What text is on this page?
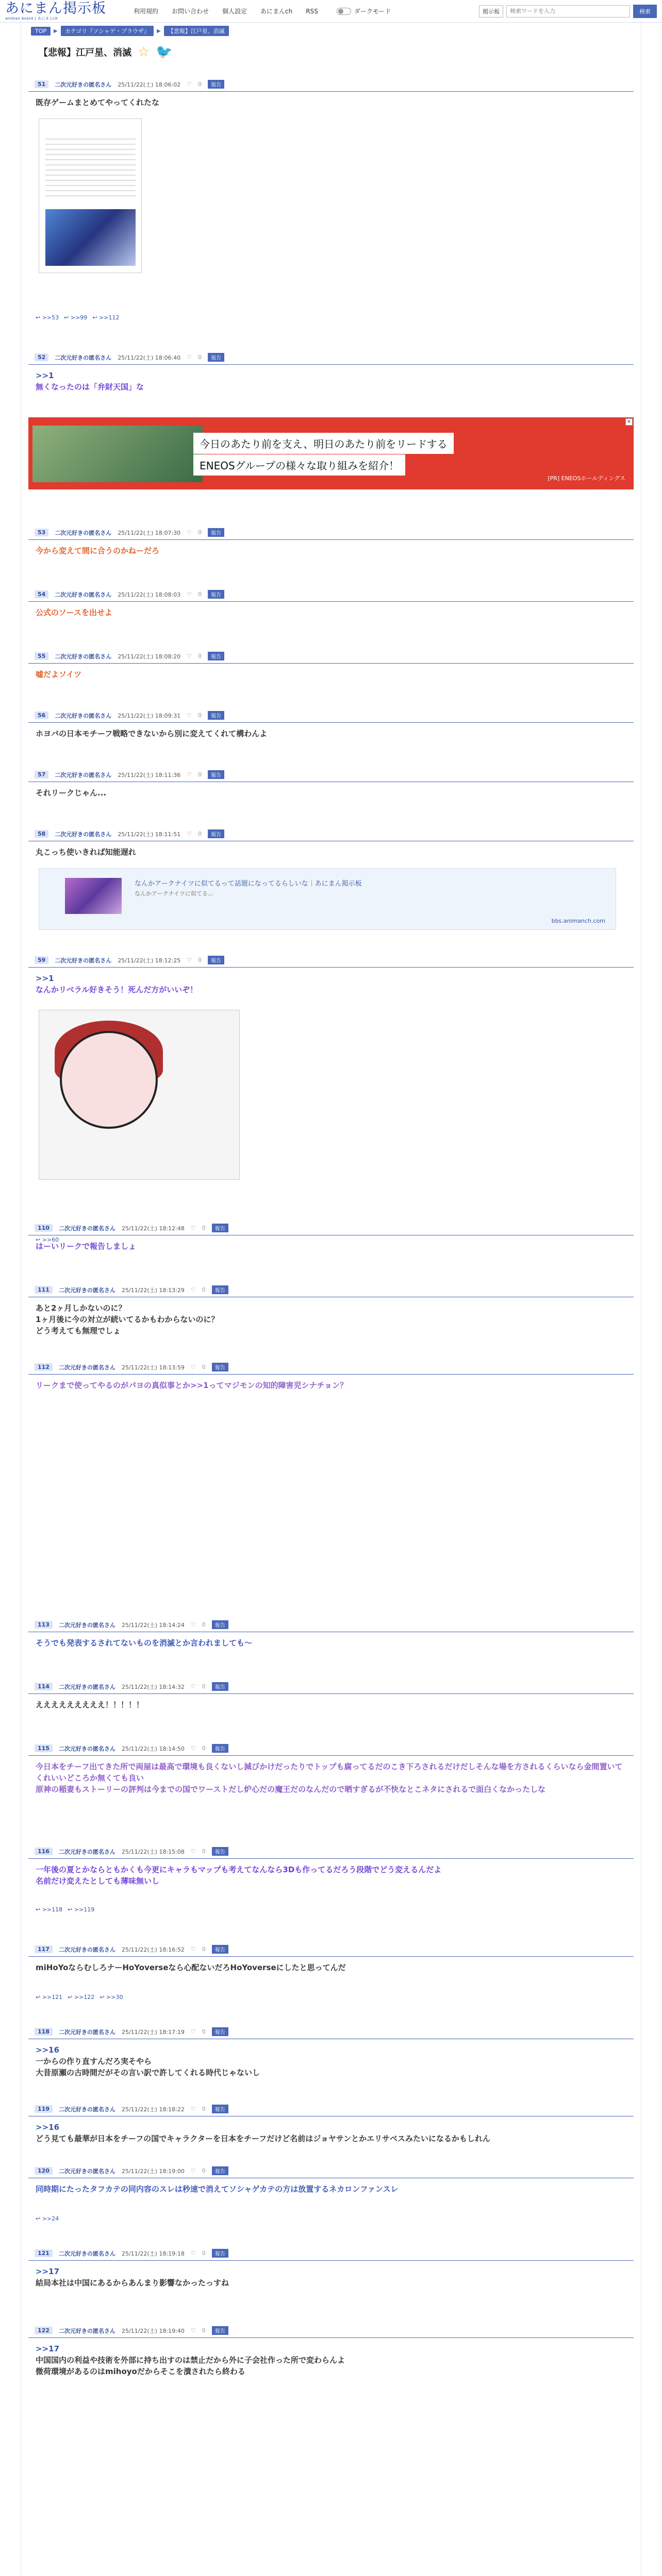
あにまん掲示板
animan board | あにまんch
利用規約 お問い合わせ 個人設定 あにまんch RSS	ダークモード	掲示板
検索ワードを入力	検索
TOP	▶	カテゴリ『ソシャゲ・ブラウザ』	▶	【悲報】江戸星、消滅
【悲報】江戸星、消滅 ☆ 🐦
今日のあたり前を支え、明日のあたり前をリードする
ENEOSグループの様々な取り組みを紹介！
[PR] ENEOSホールディングス
×
51	二次元好きの匿名さん 25/11/22(土) 18:06:02 ♡ 0	報告
既存ゲームまとめてやってくれたな
↩ >>53 ↩ >>99 ↩ >>112
52	二次元好きの匿名さん 25/11/22(土) 18:06:40 ♡ 0	報告
>>1
無くなったのは「弁財天国」な
53	二次元好きの匿名さん 25/11/22(土) 18:07:30 ♡ 0	報告
今から変えて間に合うのかねーだろ
54	二次元好きの匿名さん 25/11/22(土) 18:08:03 ♡ 0	報告
公式のソースを出せよ
55	二次元好きの匿名さん 25/11/22(土) 18:08:20 ♡ 0	報告
嘘だよソイツ
56	二次元好きの匿名さん 25/11/22(土) 18:09:31 ♡ 0	報告
ホヨバの日本モチーフ戦略できないから別に変えてくれて構わんよ
57	二次元好きの匿名さん 25/11/22(土) 18:11:36 ♡ 0	報告
それリークじゃん...
58	二次元好きの匿名さん 25/11/22(土) 18:11:51 ♡ 0	報告
丸こっち使いきれば知能遅れ
なんかアークナイツに似てるって話題になってるらしいな｜あにまん掲示板
なんかアークナイツに似てる...
bbs.animanch.com
59	二次元好きの匿名さん 25/11/22(土) 18:12:25 ♡ 0	報告
>>1
なんかリベラル好きそう！死んだ方がいいぞ！
↩ >>60
110	二次元好きの匿名さん 25/11/22(土) 18:12:48 ♡ 0	報告
はーいリークで報告しましょ
111	二次元好きの匿名さん 25/11/22(土) 18:13:29 ♡ 0	報告
あと2ヶ月しかないのに？
1ヶ月後に今の対立が続いてるかもわからないのに？
どう考えても無理でしょ
112	二次元好きの匿名さん 25/11/22(土) 18:13:59 ♡ 0	報告
リークまで使ってやるのがパヨの真似事とか>>1ってマジモンの知的障害児シナチョン？
113	二次元好きの匿名さん 25/11/22(土) 18:14:24 ♡ 0	報告
そうでも発表するされてないものを消滅とか言われましても〜
114	二次元好きの匿名さん 25/11/22(土) 18:14:32 ♡ 0	報告
えええええええええ！！！！！
115	二次元好きの匿名さん 25/11/22(土) 18:14:50 ♡ 0	報告
今日本をチーフ出てきた所で両屋は最高で環境も良くないし減びかけだったりでトップも腐ってるだのこき下ろされるだけだしそんな場を方されるくらいなら金間置いてくれいいどころか無くても良い
原神の稲妻もストーリーの評判は今までの国でワーストだし炉心だの魔王だのなんだので晒すぎるが不快なとこネタにされるで面白くなかったしな
116	二次元好きの匿名さん 25/11/22(土) 18:15:08 ♡ 0	報告
一年後の夏とかならともかくも今更にキャラもマップも考えてなんなら3Dも作ってるだろう段階でどう変えるんだよ
名前だけ変えたとしても薄味無いし
↩ >>118 ↩ >>119
117	二次元好きの匿名さん 25/11/22(土) 18:16:52 ♡ 0	報告
miHoYoならむしろナーHoYoverseなら心配ないだろHoYoverseにしたと思ってんだ
↩ >>121 ↩ >>122 ↩ >>30
118	二次元好きの匿名さん 25/11/22(土) 18:17:19 ♡ 0	報告
>>16
一からの作り直すんだろ実そやら
大昔原瀬の古時間だがその言い訳で許してくれる時代じゃないし
119	二次元好きの匿名さん 25/11/22(土) 18:18:22 ♡ 0	報告
>>16
どう見ても最華が日本をチーフの国でキャラクターを日本をチーフだけど名前はジョヤサンとかエリサベスみたいになるかもしれん
120	二次元好きの匿名さん 25/11/22(土) 18:19:00 ♡ 0	報告
同時期にたったタフカテの同内容のスレは秒速で消えてソシャゲカテの方は放置するネカロンファンスレ
↩ >>24
121	二次元好きの匿名さん 25/11/22(土) 18:19:18 ♡ 0	報告
>>17
結局本社は中国にあるからあんまり影響なかったっすね
122	二次元好きの匿名さん 25/11/22(土) 18:19:40 ♡ 0	報告
>>17
中国国内の利益や技術を外部に持ち出すのは禁止だから外に子会社作った所で変わらんよ
微荷環境があるのはmihoyoだからそこを潰されたら終わる
